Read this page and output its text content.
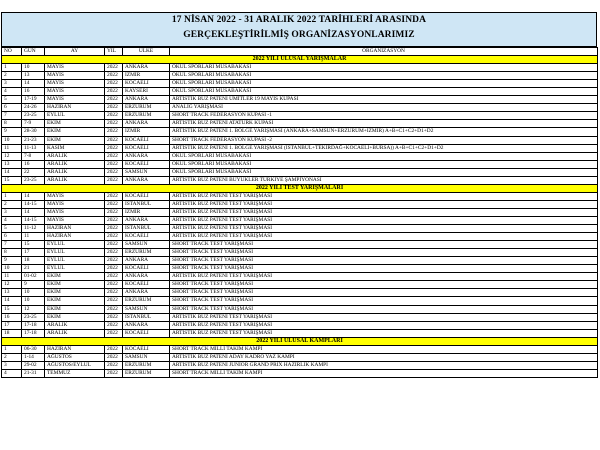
17 NİSAN 2022 - 31 ARALIK 2022 TARİHLERİ ARASINDA
GERÇEKLEŞTİRİLMİŞ ORGANİZASYONLARIMIZ
NO	GUN	AY	YIL	ULKE	ORGANIZASYON
2022 YILI ULUSAL YARIŞMALAR					
1	10	MAYIS	2022	ANKARA	OKUL SPORLARI MÜSABAKASI
2	13	MAYIS	2022	İZMİR	OKUL SPORLARI MÜSABAKASI
3	14	MAYIS	2022	KOCAELİ	OKUL SPORLARI MÜSABAKASI
4	16	MAYIS	2022	KAYSERİ	OKUL SPORLARI MÜSABAKASI
5	17-19	MAYIS	2022	ANKARA	ARTİSTİK BUZ PATENİ ÜMİTLER 19 MAYIS KUPASI
6	24-26	HAZİRAN	2022	ERZURUM	ANALİG YARIŞMASI
7	23-25	EYLÜL	2022	ERZURUM	SHORT TRACK FEDERASYON KUPASI -1
8	7-9	EKİM	2022	ANKARA	ARTİSTİK BUZ PATENİ ATATÜRK KUPASI
9	28-30	EKİM	2022	İZMİR	ARTİSTİK BUZ PATENİ 1. BÖLGE YARIŞMASI (ANKARA+SAMSUN+ERZURUM+İZMİR) A+B+C1+C2+D1+D2
10	21-23	EKİM	2022	KOCAELİ	SHORT TRACK FEDERASYON KUPASI -2
11	11-13	KASIM	2022	KOCAELİ	ARTİSTİK BUZ PATENİ 1. BÖLGE YARIŞMASI (İSTANBUL+TEKİRDAĞ+KOCAELİ+BURSA)) A+B+C1+C2+D1+D2
12	7-8	ARALIK	2022	ANKARA	OKUL SPORLARI MÜSABAKASI
13	16	ARALIK	2022	KOCAELİ	OKUL SPORLARI MÜSABAKASI
14	22	ARALIK	2022	SAMSUN	OKUL SPORLARI MÜSABAKASI
15	23-25	ARALIK	2022	ANKARA	ARTİSTİK BUZ PATENİ BÜYÜKLER TÜRKİYE ŞAMPİYONASI
2022 YILI TEST YARIŞMALARI					
1	14	MAYIS	2022	KOCAELİ	ARTİSTİK BUZ PATENİ TEST YARIŞMASI
2	14-15	MAYIS	2022	İSTANBUL	ARTİSTİK BUZ PATENİ TEST YARIŞMASI
3	14	MAYIS	2022	İZMİR	ARTİSTİK BUZ PATENİ TEST YARIŞMASI
4	14-15	MAYIS	2022	ANKARA	ARTİSTİK BUZ PATENİ TEST YARIŞMASI
5	11-12	HAZİRAN	2022	İSTANBUL	ARTİSTİK BUZ PATENİ TEST YARIŞMASI
6	11	HAZİRAN	2022	KOCAELİ	ARTİSTİK BUZ PATENİ TEST YARIŞMASI
7	15	EYLÜL	2022	SAMSUN	SHORT TRACK TEST YARIŞMASI
8	17	EYLÜL	2022	ERZURUM	SHORT TRACK TEST YARIŞMASI
9	18	EYLÜL	2022	ANKARA	SHORT TRACK TEST YARIŞMASI
10	21	EYLÜL	2022	KOCAELİ	SHORT TRACK TEST YARIŞMASI
11	01-02	EKİM	2022	ANKARA	ARTİSTİK BUZ PATENİ TEST YARIŞMASI
12	9	EKİM	2022	KOCAELİ	SHORT TRACK TEST YARIŞMASI
13	10	EKİM	2022	ANKARA	SHORT TRACK TEST YARIŞMASI
14	10	EKİM	2022	ERZURUM	SHORT TRACK TEST YARIŞMASI
15	12	EKİM	2022	SAMSUN	SHORT TRACK TEST YARIŞMASI
16	23-25	EKİM	2022	İSTANBUL	ARTİSTİK BUZ PATENİ TEST YARIŞMASI
17	17-18	ARALIK	2022	ANKARA	ARTİSTİK BUZ PATENİ TEST YARIŞMASI
18	17-18	ARALIK	2022	KOCAELİ	ARTİSTİK BUZ PATENİ TEST YARIŞMASI
2022 YILI ULUSAL KAMPLARI					
1	06-30	HAZİRAN	2022	KOCAELİ	SHORT TRACK MİLLİ TAKIM KAMPI
2	1-14	AĞUSTOS	2022	SAMSUN	ARTİSTİK BUZ PATENİ ADAY KADRO YAZ KAMPI
3	29-02	AĞUSTOS/EYLÜL	2022	ERZURUM	ARTİSTİK BUZ PATENİ JUNIOR GRAND PRIX HAZIRLIK KAMPI
4	21-31	TEMMUZ	2022	ERZURUM	SHORT TRACK MİLLİ TAKIM KAMPI
